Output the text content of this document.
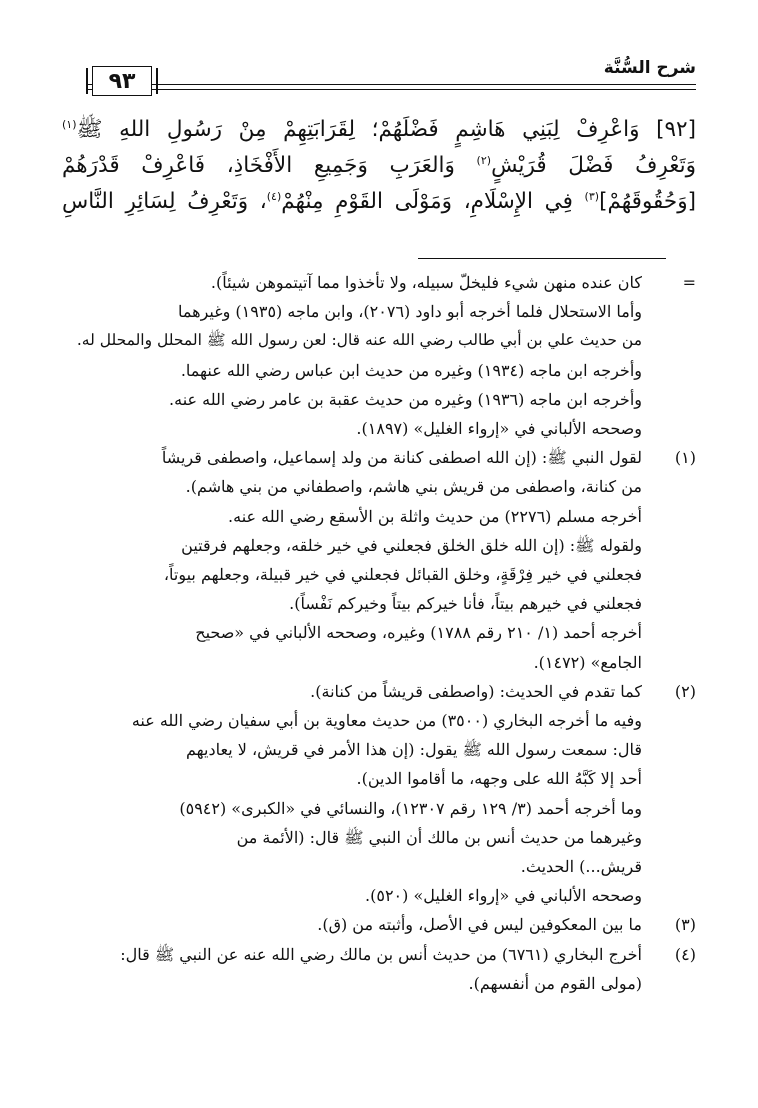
شرح السُّنَّة
٩٣
[٩٢] وَاعْرِفْ لِبَنِي هَاشِمٍ فَضْلَهُمْ؛ لِقَرَابَتِهِمْ مِنْ رَسُولِ اللهِ ﷺ$^{(١)}$
وَتَعْرِفُ فَضْلَ قُرَيْشٍ$^{(٢)}$ وَالعَرَبِ وَجَمِيعِ الأَفْخَاذِ، فَاعْرِفْ قَدْرَهُمْ
[وَحُقُوقَهُمْ]$^{(٣)}$ فِي الإِسْلَامِ، وَمَوْلَى القَوْمِ مِنْهُمْ$^{(٤)}$، وَتَعْرِفُ لِسَائِرِ النَّاسِ
=
كان عنده منهن شيء فليخلّ سبيله، ولا تأخذوا مما آتيتموهن شيئاً).
وأما الاستحلال فلما أخرجه أبو داود (٢٠٧٦)، وابن ماجه (١٩٣٥) وغيرهما
من حديث علي بن أبي طالب رضي الله عنه قال: لعن رسول الله ﷺ المحلل والمحلل له.
وأخرجه ابن ماجه (١٩٣٤) وغيره من حديث ابن عباس رضي الله عنهما.
وأخرجه ابن ماجه (١٩٣٦) وغيره من حديث عقبة بن عامر رضي الله عنه.
وصححه الألباني في «إرواء الغليل» (١٨٩٧).
(١)
لقول النبي ﷺ: (إن الله اصطفى كنانة من ولد إسماعيل، واصطفى قريشاً
من كنانة، واصطفى من قريش بني هاشم، واصطفاني من بني هاشم).
أخرجه مسلم (٢٢٧٦) من حديث واثلة بن الأسقع رضي الله عنه.
ولقوله ﷺ: (إن الله خلق الخلق فجعلني في خير خلقه، وجعلهم فرقتين
فجعلني في خير فِرْقَةٍ، وخلق القبائل فجعلني في خير قبيلة، وجعلهم بيوتاً،
فجعلني في خيرهم بيتاً، فأنا خيركم بيتاً وخيركم نَفْساً).
أخرجه أحمد (١/ ٢١٠ رقم ١٧٨٨) وغيره، وصححه الألباني في «صحيح
الجامع» (١٤٧٢).
(٢)
كما تقدم في الحديث: (واصطفى قريشاً من كنانة).
وفيه ما أخرجه البخاري (٣٥٠٠) من حديث معاوية بن أبي سفيان رضي الله عنه
قال: سمعت رسول الله ﷺ يقول: (إن هذا الأمر في قريش، لا يعاديهم
أحد إلا كَبَّهُ الله على وجهه، ما أقاموا الدين).
وما أخرجه أحمد (٣/ ١٢٩ رقم ١٢٣٠٧)، والنسائي في «الكبرى» (٥٩٤٢)
وغيرهما من حديث أنس بن مالك أن النبي ﷺ قال: (الأئمة من
قريش...) الحديث.
وصححه الألباني في «إرواء الغليل» (٥٢٠).
(٣)
ما بين المعكوفين ليس في الأصل، وأثبته من (ق).
(٤)
أخرج البخاري (٦٧٦١) من حديث أنس بن مالك رضي الله عنه عن النبي ﷺ قال:
(مولى القوم من أنفسهم).
